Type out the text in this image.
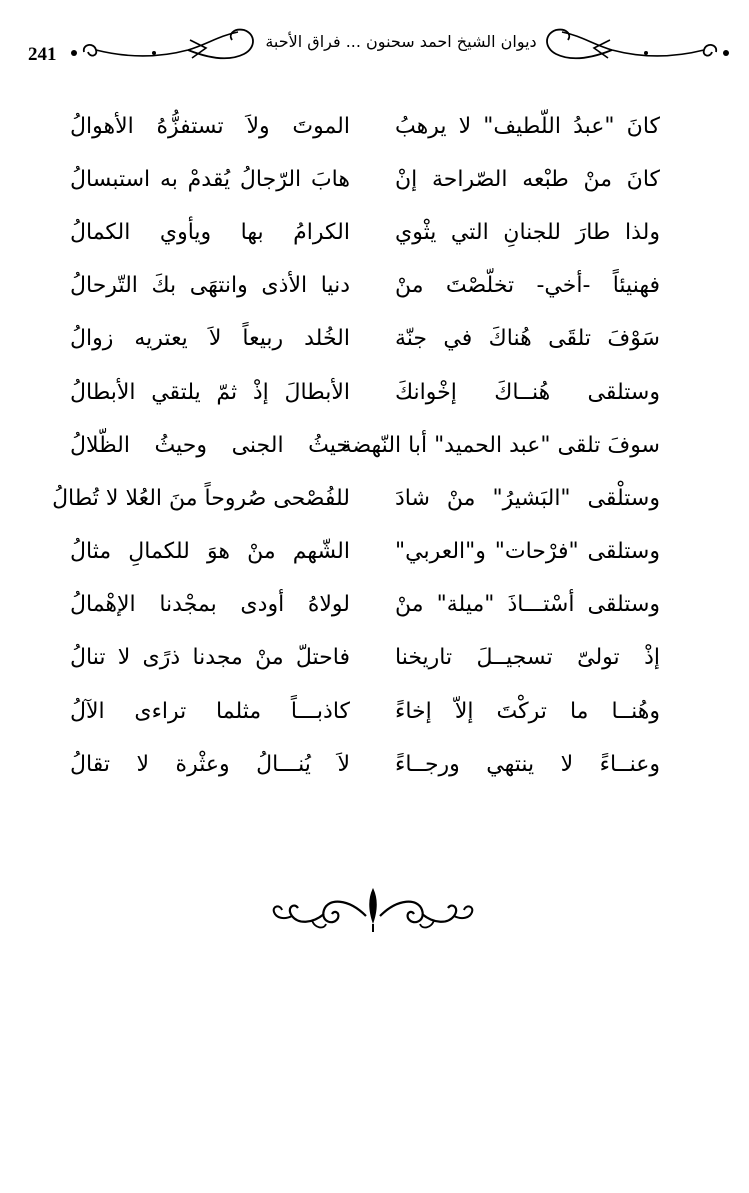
241
ديوان الشيخ احمد سحنون ... فراق الأحبة
كانَ "عبدُ اللّطيف" لا يرهبُ
الموتَ ولاَ تستفزُّهُ الأهوالُ
كانَ منْ طبْعه الصّراحة إنْ
هابَ الرّجالُ يُقدمْ به استبسالُ
ولذا طارَ للجنانِ التي يثْوي
الكرامُ بها ويأوي الكمالُ
فهنيئاً -أخي- تخلّصْتَ منْ
دنيا الأذى وانتهَى بكَ التّرحالُ
سَوْفَ تلقَى هُناكَ في جنّة
الخُلد ربيعاً لاَ يعتريه زوالُ
وستلقى هُنــاكَ إخْوانكَ
الأبطالَ إذْ ثمّ يلتقي الأبطالُ
سوفَ تلقى "عبد الحميد" أبا النّهضة
حيثُ الجنى وحيثُ الظّلالُ
وستلْقى "البَشيرُ" منْ شادَ
للفُصْحى صُروحاً منَ العُلا لا تُطالُ
وستلقى "فرْحات" و"العربي"
الشّهم منْ هوَ للكمالِ مثالُ
وستلقى أسْتـــاذَ "ميلة" منْ
لولاهُ أودى بمجْدنا الإهْمالُ
إذْ تولىّ تسجيــلَ تاريخنا
فاحتلّ منْ مجدنا ذرًى لا تنالُ
وهُنــا ما تركْتَ إلاّ إخاءً
كاذبـــاً مثلما تراءى الآلُ
وعنــاءً لا ينتهي ورجــاءً
لاَ يُنـــالُ وعثْرة لا تقالُ
